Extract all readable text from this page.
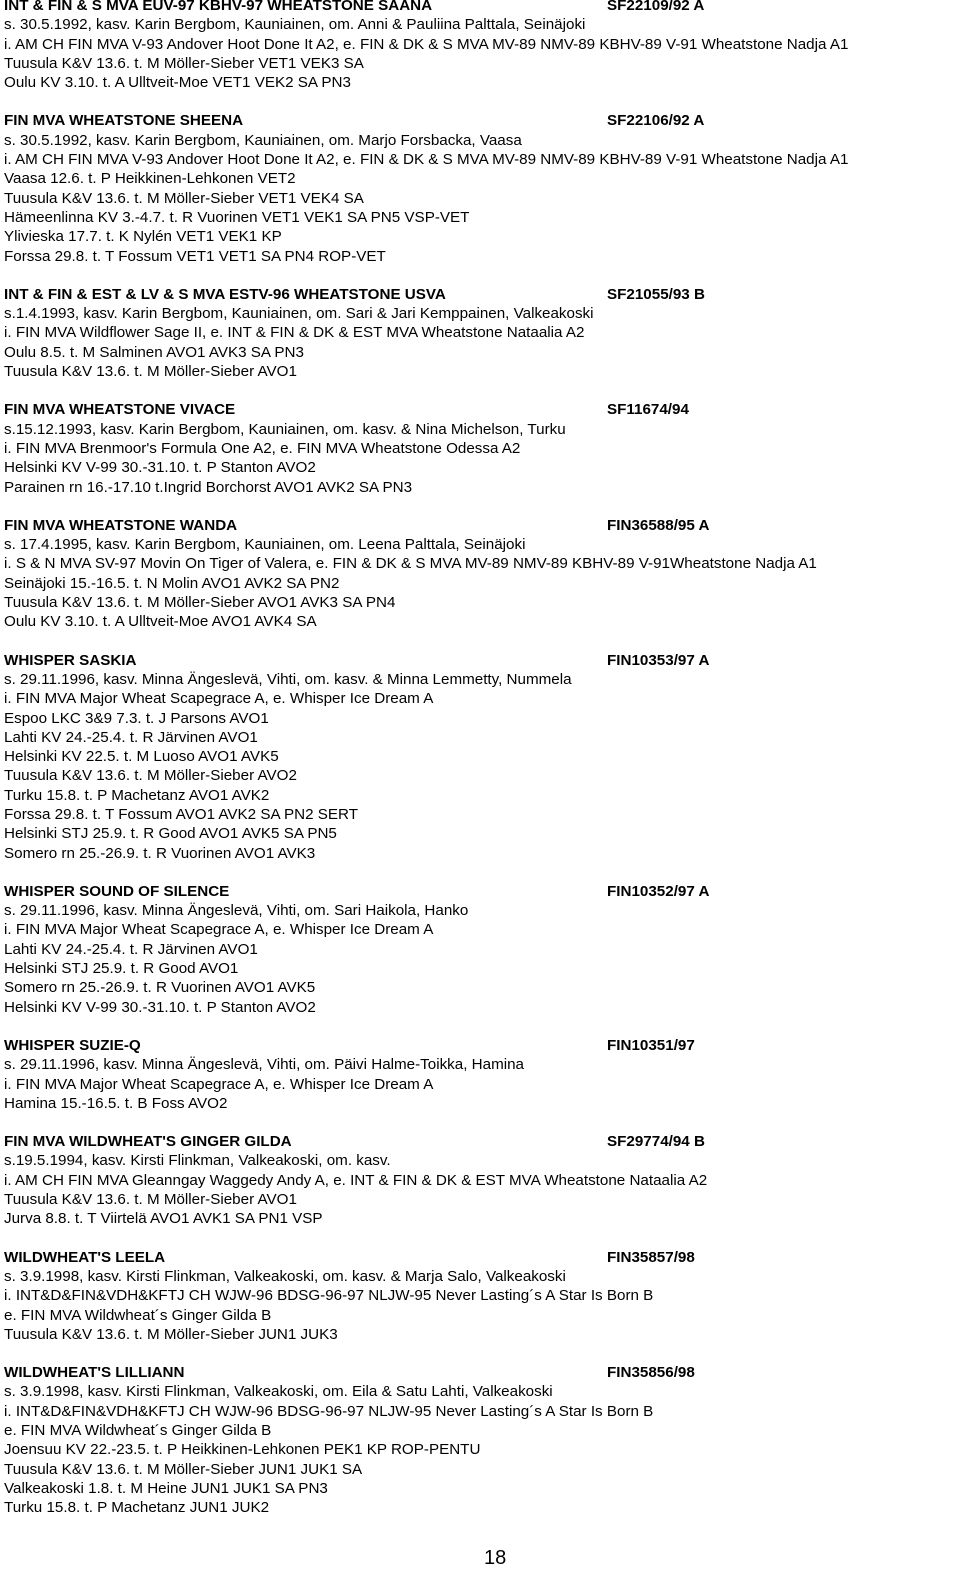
INT & FIN & S MVA EUV-97 KBHV-97 WHEATSTONE SAANA	SF22109/92 A
s. 30.5.1992, kasv. Karin Bergbom, Kauniainen, om. Anni & Pauliina Palttala, Seinäjoki
i. AM CH FIN MVA V-93 Andover Hoot Done It A2, e. FIN & DK & S MVA MV-89 NMV-89 KBHV-89 V-91 Wheatstone Nadja A1
Tuusula K&V 13.6. t. M Möller-Sieber VET1 VEK3 SA
Oulu KV 3.10. t. A Ulltveit-Moe VET1 VEK2 SA PN3
FIN MVA WHEATSTONE SHEENA	SF22106/92 A
s. 30.5.1992, kasv. Karin Bergbom, Kauniainen, om. Marjo Forsbacka, Vaasa
i. AM CH FIN MVA V-93 Andover Hoot Done It A2, e. FIN & DK & S MVA MV-89 NMV-89 KBHV-89 V-91 Wheatstone Nadja A1
Vaasa 12.6. t. P Heikkinen-Lehkonen VET2
Tuusula K&V 13.6. t. M Möller-Sieber VET1 VEK4 SA
Hämeenlinna KV 3.-4.7. t. R Vuorinen VET1 VEK1 SA PN5 VSP-VET
Ylivieska 17.7. t. K Nylén VET1 VEK1 KP
Forssa 29.8. t. T Fossum VET1 VET1 SA PN4 ROP-VET
INT & FIN & EST & LV & S MVA ESTV-96 WHEATSTONE USVA	SF21055/93 B
s.1.4.1993, kasv. Karin Bergbom, Kauniainen, om. Sari & Jari Kemppainen, Valkeakoski
i. FIN MVA Wildflower Sage II, e. INT & FIN & DK & EST MVA Wheatstone Nataalia A2
Oulu 8.5. t. M Salminen AVO1 AVK3 SA PN3
Tuusula K&V 13.6. t. M Möller-Sieber AVO1
FIN MVA WHEATSTONE VIVACE	SF11674/94
s.15.12.1993, kasv. Karin Bergbom, Kauniainen, om. kasv. & Nina Michelson, Turku
i. FIN MVA Brenmoor's Formula One A2, e. FIN MVA Wheatstone Odessa A2
Helsinki KV V-99 30.-31.10. t. P Stanton AVO2
Parainen rn 16.-17.10 t.Ingrid Borchorst AVO1 AVK2 SA PN3
FIN MVA WHEATSTONE WANDA	FIN36588/95 A
s. 17.4.1995, kasv. Karin Bergbom, Kauniainen, om. Leena Palttala, Seinäjoki
i. S & N MVA SV-97 Movin On Tiger of Valera, e. FIN & DK & S MVA MV-89 NMV-89 KBHV-89 V-91Wheatstone Nadja A1
Seinäjoki 15.-16.5. t. N Molin AVO1 AVK2 SA PN2
Tuusula K&V 13.6. t. M Möller-Sieber AVO1 AVK3 SA PN4
Oulu KV 3.10. t. A Ulltveit-Moe AVO1 AVK4 SA
WHISPER SASKIA	FIN10353/97 A
s. 29.11.1996, kasv. Minna Ängeslevä, Vihti, om. kasv. & Minna Lemmetty, Nummela
i. FIN MVA Major Wheat Scapegrace A, e. Whisper Ice Dream A
Espoo LKC 3&9 7.3. t. J Parsons AVO1
Lahti KV 24.-25.4. t. R Järvinen AVO1
Helsinki KV 22.5. t. M Luoso AVO1 AVK5
Tuusula K&V 13.6. t. M Möller-Sieber AVO2
Turku 15.8. t. P Machetanz AVO1 AVK2
Forssa 29.8. t. T Fossum AVO1 AVK2 SA PN2 SERT
Helsinki STJ 25.9. t. R Good AVO1 AVK5 SA PN5
Somero rn 25.-26.9. t. R Vuorinen AVO1 AVK3
WHISPER SOUND OF SILENCE	FIN10352/97 A
s. 29.11.1996, kasv. Minna Ängeslevä, Vihti, om. Sari Haikola, Hanko
i. FIN MVA Major Wheat Scapegrace A, e. Whisper Ice Dream A
Lahti KV 24.-25.4. t. R Järvinen AVO1
Helsinki STJ 25.9. t. R Good AVO1
Somero rn 25.-26.9. t. R Vuorinen AVO1 AVK5
Helsinki KV V-99 30.-31.10. t. P Stanton AVO2
WHISPER SUZIE-Q	FIN10351/97
s. 29.11.1996, kasv. Minna Ängeslevä, Vihti, om. Päivi Halme-Toikka, Hamina
i. FIN MVA Major Wheat Scapegrace A, e. Whisper Ice Dream A
Hamina 15.-16.5. t. B Foss AVO2
FIN MVA WILDWHEAT'S GINGER GILDA	SF29774/94 B
s.19.5.1994, kasv. Kirsti Flinkman, Valkeakoski, om. kasv.
i. AM CH FIN MVA Gleanngay Waggedy Andy A, e. INT & FIN & DK & EST MVA Wheatstone Nataalia A2
Tuusula K&V 13.6. t. M Möller-Sieber AVO1
Jurva 8.8. t. T Viirtelä AVO1 AVK1 SA PN1 VSP
WILDWHEAT'S LEELA	FIN35857/98
s. 3.9.1998, kasv. Kirsti Flinkman, Valkeakoski, om. kasv. & Marja Salo, Valkeakoski
i. INT&D&FIN&VDH&KFTJ CH WJW-96 BDSG-96-97 NLJW-95 Never Lasting´s A Star Is Born B
e. FIN MVA Wildwheat´s Ginger Gilda B
Tuusula K&V 13.6. t. M Möller-Sieber JUN1 JUK3
WILDWHEAT'S LILLIANN	FIN35856/98
s. 3.9.1998, kasv. Kirsti Flinkman, Valkeakoski, om. Eila & Satu Lahti, Valkeakoski
i. INT&D&FIN&VDH&KFTJ CH WJW-96 BDSG-96-97 NLJW-95 Never Lasting´s A Star Is Born B
e. FIN MVA Wildwheat´s Ginger Gilda B
Joensuu KV 22.-23.5. t. P Heikkinen-Lehkonen PEK1 KP ROP-PENTU
Tuusula K&V 13.6. t. M Möller-Sieber JUN1 JUK1 SA
Valkeakoski 1.8. t. M Heine JUN1 JUK1 SA PN3
Turku 15.8. t. P Machetanz JUN1 JUK2
18
